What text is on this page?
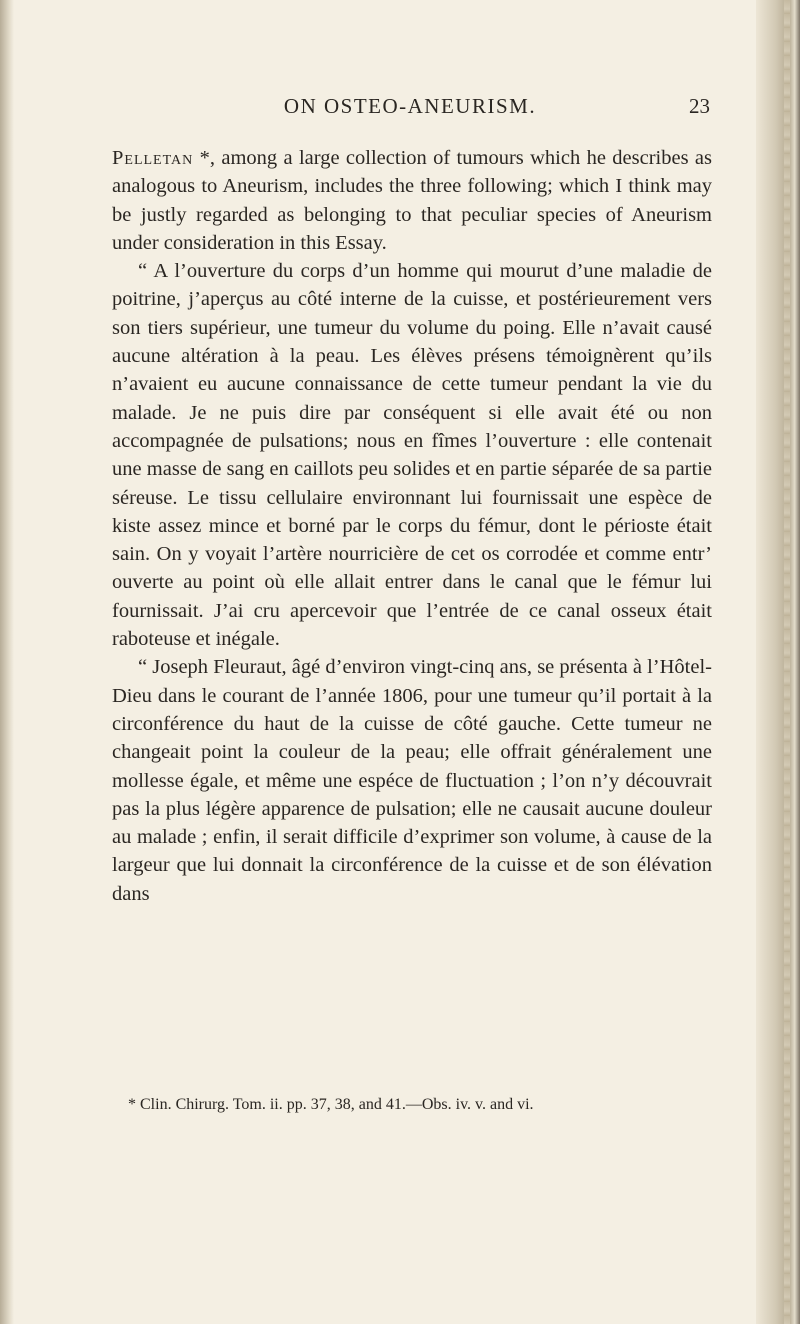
ON OSTEO-ANEURISM.	23

Pelletan *, among a large collection of tumours which he describes as analogous to Aneurism, includes the three following; which I think may be justly regarded as belonging to that peculiar species of Aneurism under consideration in this Essay.

“ A l’ouverture du corps d’un homme qui mourut d’une maladie de poitrine, j’aperçus au côté interne de la cuisse, et postérieurement vers son tiers supérieur, une tumeur du volume du poing. Elle n’avait causé aucune altération à la peau. Les élèves présens témoignèrent qu’ils n’avaient eu aucune connaissance de cette tumeur pendant la vie du malade. Je ne puis dire par conséquent si elle avait été ou non accompagnée de pulsations; nous en fîmes l’ouverture : elle contenait une masse de sang en caillots peu solides et en partie séparée de sa partie séreuse. Le tissu cellulaire environnant lui fournissait une espèce de kiste assez mince et borné par le corps du fémur, dont le périoste était sain. On y voyait l’artère nourricière de cet os corrodée et comme entr’ ouverte au point où elle allait entrer dans le canal que le fémur lui fournissait. J’ai cru apercevoir que l’entrée de ce canal osseux était raboteuse et inégale.

“ Joseph Fleuraut, âgé d’environ vingt-cinq ans, se présenta à l’Hôtel-Dieu dans le courant de l’année 1806, pour une tumeur qu’il portait à la circonférence du haut de la cuisse de côté gauche. Cette tumeur ne changeait point la couleur de la peau; elle offrait généralement une mollesse égale, et même une espéce de fluctuation ; l’on n’y découvrait pas la plus légère apparence de pulsation; elle ne causait aucune douleur au malade ; enfin, il serait difficile d’exprimer son volume, à cause de la largeur que lui donnait la circonférence de la cuisse et de son élévation dans

* Clin. Chirurg. Tom. ii. pp. 37, 38, and 41.—Obs. iv. v. and vi.
